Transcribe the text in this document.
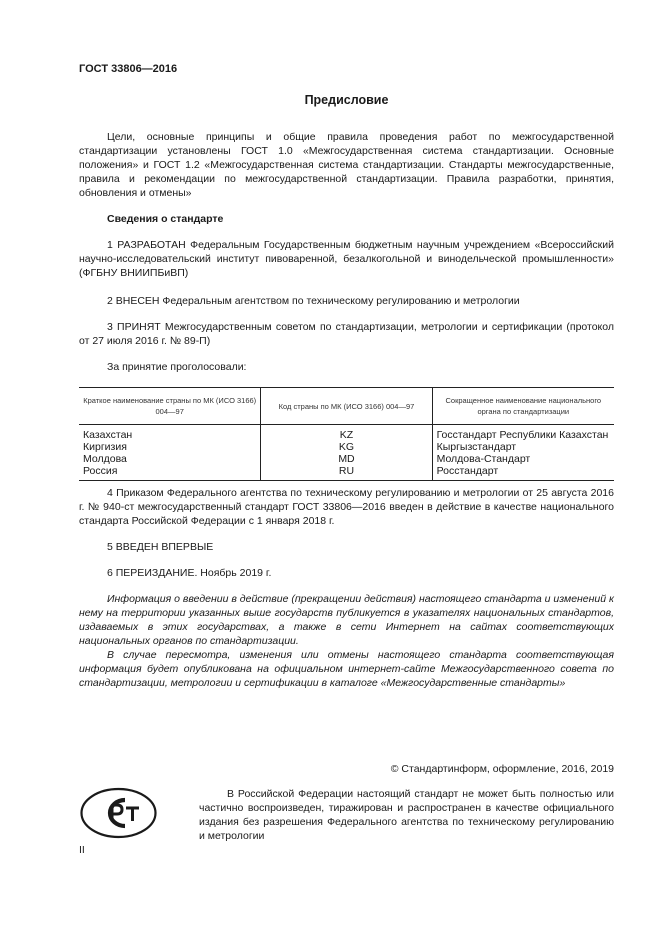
ГОСТ 33806—2016
Предисловие

Цели, основные принципы и общие правила проведения работ по межгосударственной стандартизации установлены ГОСТ 1.0 «Межгосударственная система стандартизации. Основные положения» и ГОСТ 1.2 «Межгосударственная система стандартизации. Стандарты межгосударственные, правила и рекомендации по межгосударственной стандартизации. Правила разработки, принятия, обновления и отмены»

Сведения о стандарте

1 РАЗРАБОТАН Федеральным Государственным бюджетным научным учреждением «Всероссийский научно-исследовательский институт пивоваренной, безалкогольной и винодельческой промышленности» (ФГБНУ ВНИИПБиВП)

2 ВНЕСЕН Федеральным агентством по техническому регулированию и метрологии

3 ПРИНЯТ Межгосударственным советом по стандартизации, метрологии и сертификации (протокол от 27 июля 2016 г. № 89-П)

За принятие проголосовали:

Краткое наименование страны по МК (ИСО 3166) 004—97	Код страны по МК (ИСО 3166) 004—97	Сокращенное наименование национального органа по стандартизации
Казахстан	KZ	Госстандарт Республики Казахстан
Киргизия	KG	Кыргызстандарт
Молдова	MD	Молдова-Стандарт
Россия	RU	Росстандарт

4 Приказом Федерального агентства по техническому регулированию и метрологии от 25 августа 2016 г. № 940-ст межгосударственный стандарт ГОСТ 33806—2016 введен в действие в качестве национального стандарта Российской Федерации с 1 января 2018 г.

5 ВВЕДЕН ВПЕРВЫЕ

6 ПЕРЕИЗДАНИЕ. Ноябрь 2019 г.

Информация о введении в действие (прекращении действия) настоящего стандарта и изменений к нему на территории указанных выше государств публикуется в указателях национальных стандартов, издаваемых в этих государствах, а также в сети Интернет на сайтах соответствующих национальных органов по стандартизации.

В случае пересмотра, изменения или отмены настоящего стандарта соответствующая информация будет опубликована на официальном интернет-сайте Межгосударственного совета по стандартизации, метрологии и сертификации в каталоге «Межгосударственные стандарты»

© Стандартинформ, оформление, 2016, 2019

В Российской Федерации настоящий стандарт не может быть полностью или частично воспроизведен, тиражирован и распространен в качестве официального издания без разрешения Федерального агентства по техническому регулированию и метрологии

II
